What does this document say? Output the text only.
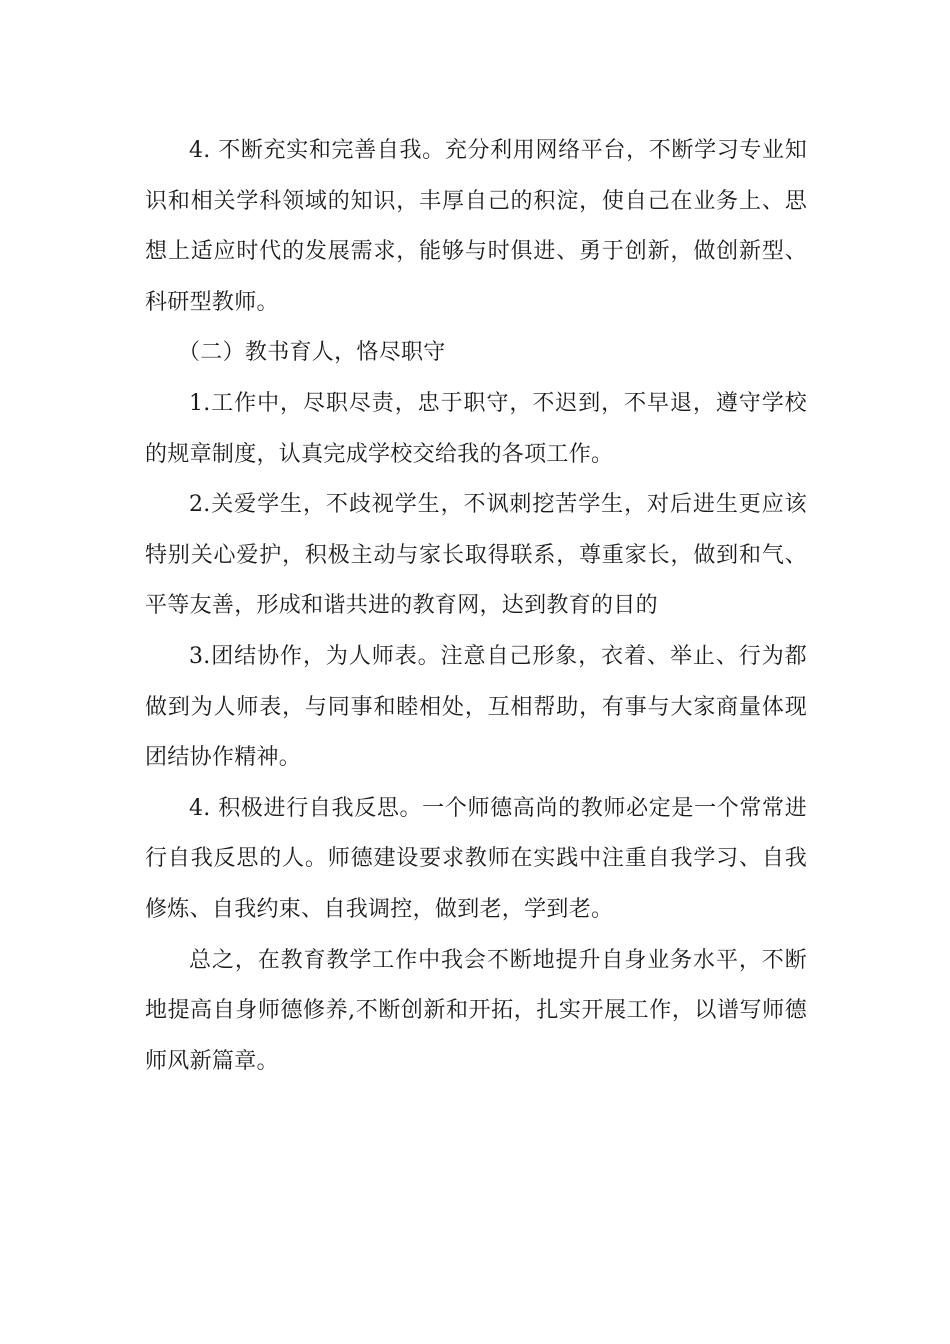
4. 不断充实和完善自我。充分利用网络平台，不断学习专业知识和相关学科领域的知识，丰厚自己的积淀，使自己在业务上、思想上适应时代的发展需求，能够与时俱进、勇于创新，做创新型、科研型教师。

（二）教书育人，恪尽职守

1.工作中，尽职尽责，忠于职守，不迟到，不早退，遵守学校的规章制度，认真完成学校交给我的各项工作。

2.关爱学生，不歧视学生，不讽刺挖苦学生，对后进生更应该特别关心爱护，积极主动与家长取得联系，尊重家长，做到和气、平等友善，形成和谐共进的教育网，达到教育的目的

3.团结协作，为人师表。注意自己形象，衣着、举止、行为都做到为人师表，与同事和睦相处，互相帮助，有事与大家商量体现团结协作精神。

4. 积极进行自我反思。一个师德高尚的教师必定是一个常常进行自我反思的人。师德建设要求教师在实践中注重自我学习、自我修炼、自我约束、自我调控，做到老，学到老。

总之，在教育教学工作中我会不断地提升自身业务水平，不断地提高自身师德修养,不断创新和开拓，扎实开展工作，以谱写师德师风新篇章。
